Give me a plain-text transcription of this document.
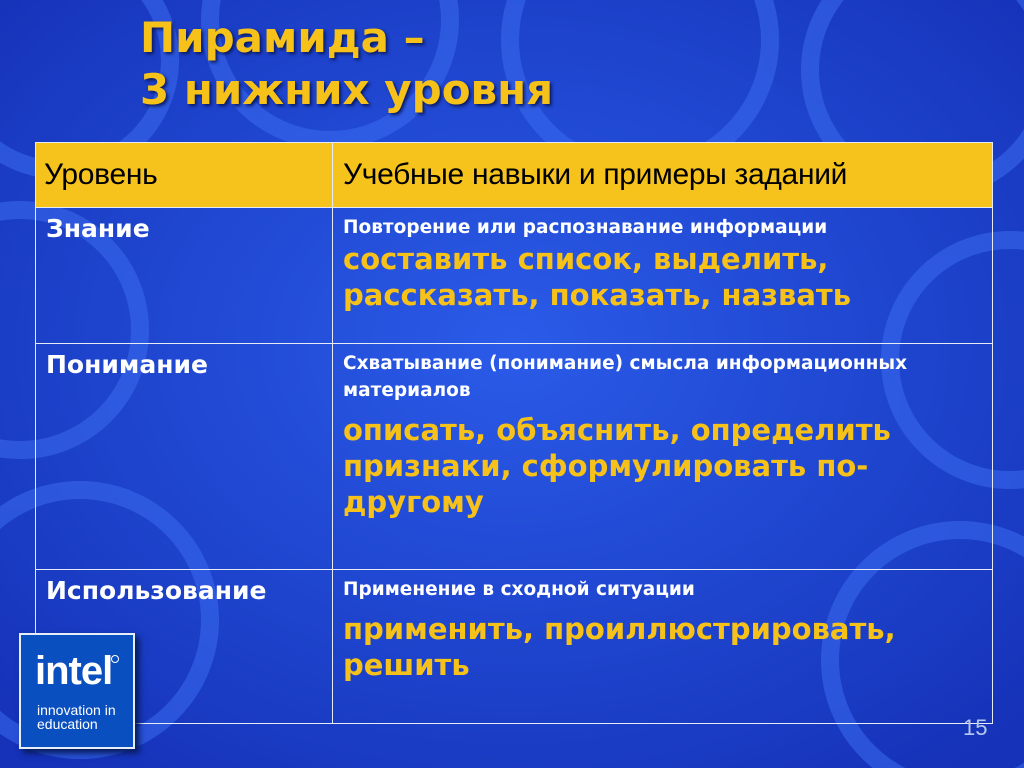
Пирамида –
3 нижних уровня
Уровень	Учебные навыки и примеры заданий

Знание	Повторение или распознавание информации
составить список, выделить, рассказать, показать, назвать

Понимание	Схватывание (понимание) смысла информационных материалов
описать, объяснить, определить признаки, сформулировать по-другому

Использование	Применение в сходной ситуации
применить, проиллюстрировать, решить
intel
innovation in
education	15
